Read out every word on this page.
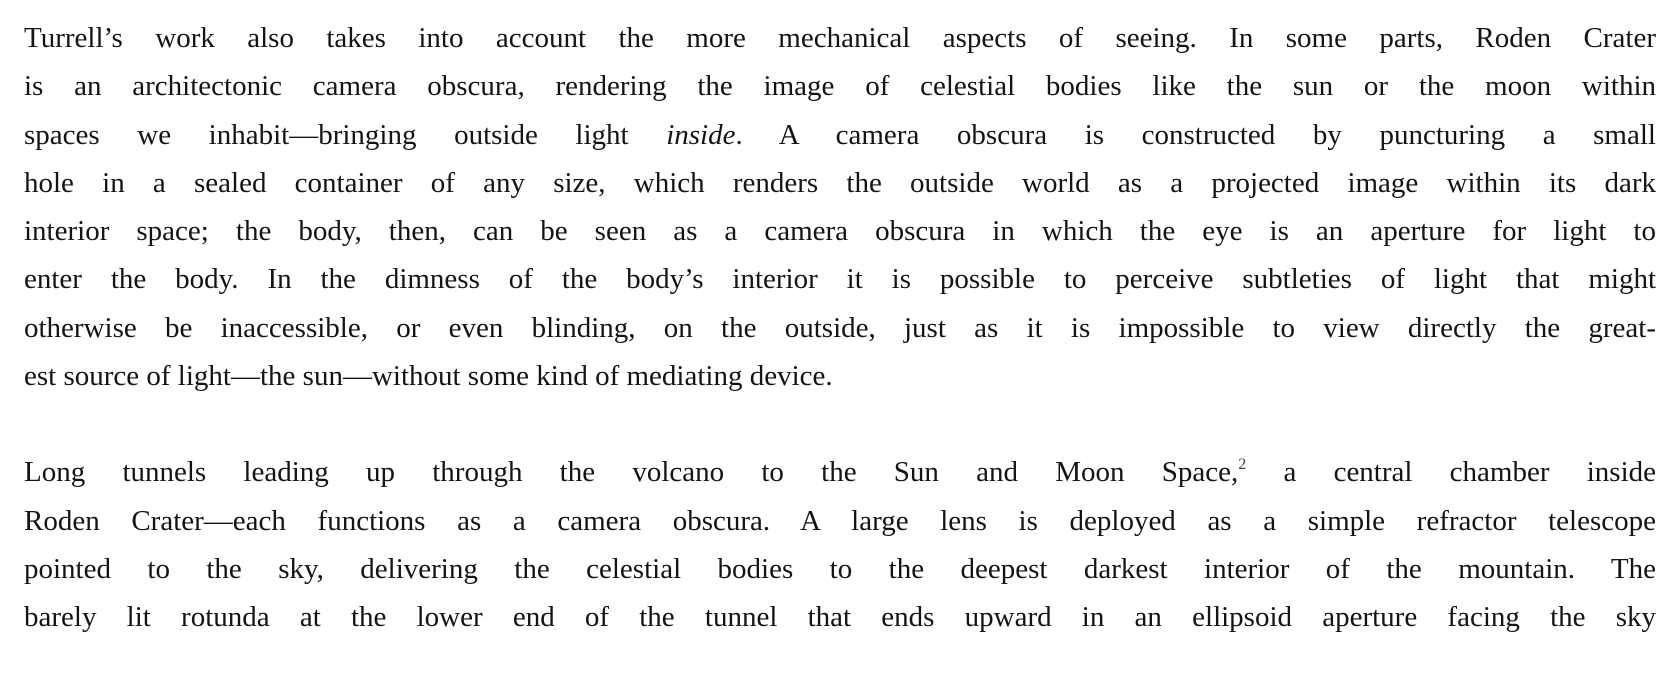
Turrell’s work also takes into account the more mechanical aspects of seeing. In some parts, Roden Crater
is an architectonic camera obscura, rendering the image of celestial bodies like the sun or the moon within
spaces we inhabit—bringing outside light inside. A camera obscura is constructed by puncturing a small
hole in a sealed container of any size, which renders the outside world as a projected image within its dark
interior space; the body, then, can be seen as a camera obscura in which the eye is an aperture for light to
enter the body. In the dimness of the body’s interior it is possible to perceive subtleties of light that might
otherwise be inaccessible, or even blinding, on the outside, just as it is impossible to view directly the great-
est source of light—the sun—without some kind of mediating device.

Long tunnels leading up through the volcano to the Sun and Moon Space,$^2$ a central chamber inside
Roden Crater—each functions as a camera obscura. A large lens is deployed as a simple refractor telescope
pointed to the sky, delivering the celestial bodies to the deepest darkest interior of the mountain. The
barely lit rotunda at the lower end of the tunnel that ends upward in an ellipsoid aperture facing the sky
